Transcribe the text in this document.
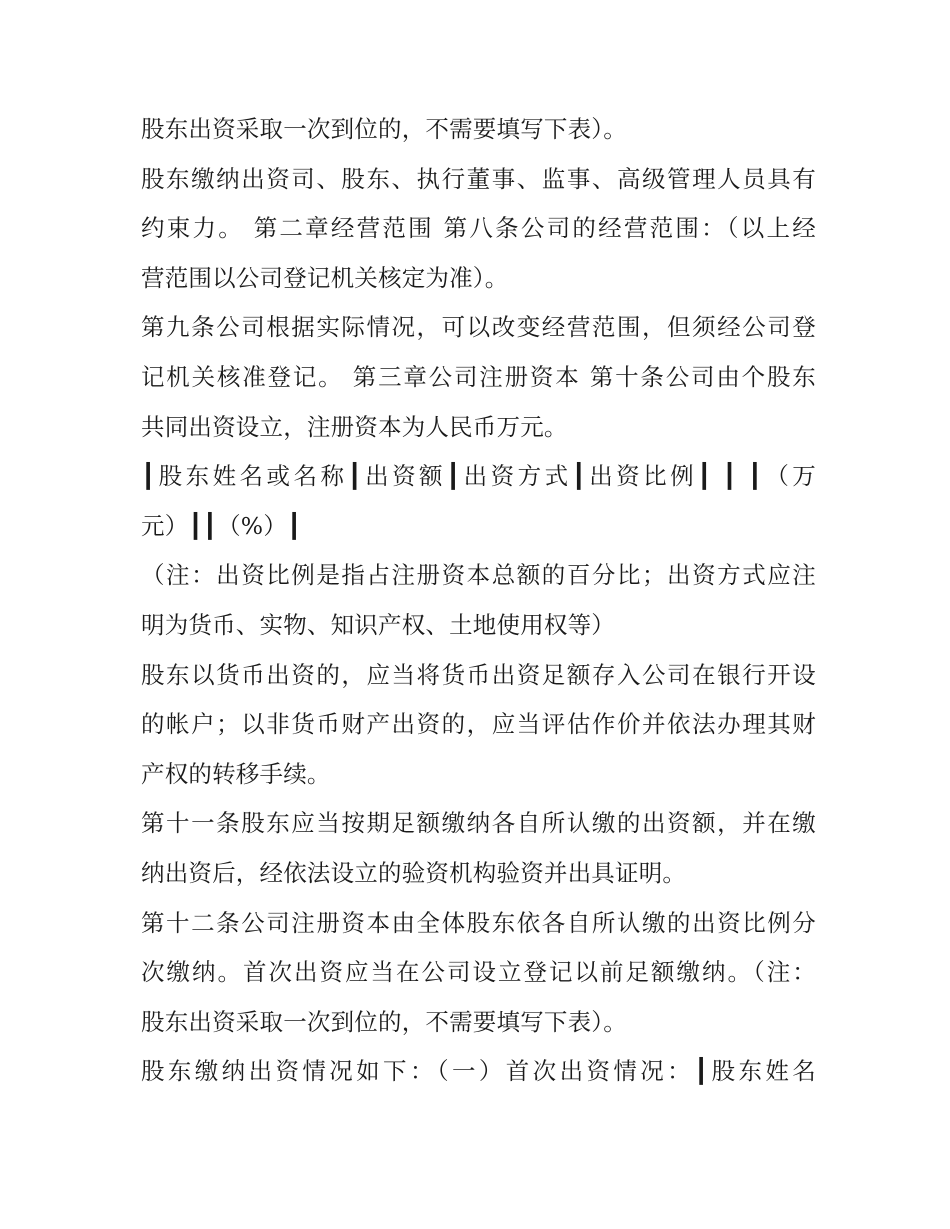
股东出资采取一次到位的，不需要填写下表）。
股东缴纳出资司、股东、执行董事、监事、高级管理人员具有
约束力。 第二章经营范围 第八条公司的经营范围：（以上经
营范围以公司登记机关核定为准）。
第九条公司根据实际情况，可以改变经营范围，但须经公司登
记机关核准登记。 第三章公司注册资本 第十条公司由个股东
共同出资设立，注册资本为人民币万元。
┃股东姓名或名称┃出资额┃出资方式┃出资比例┃ ┃ ┃（万
元）┃┃（%）┃
（注：出资比例是指占注册资本总额的百分比；出资方式应注
明为货币、实物、知识产权、土地使用权等）
股东以货币出资的，应当将货币出资足额存入公司在银行开设
的帐户；以非货币财产出资的，应当评估作价并依法办理其财
产权的转移手续。
第十一条股东应当按期足额缴纳各自所认缴的出资额，并在缴
纳出资后，经依法设立的验资机构验资并出具证明。
第十二条公司注册资本由全体股东依各自所认缴的出资比例分
次缴纳。首次出资应当在公司设立登记以前足额缴纳。（注：
股东出资采取一次到位的，不需要填写下表）。
股东缴纳出资情况如下：（一）首次出资情况：┃股东姓名
